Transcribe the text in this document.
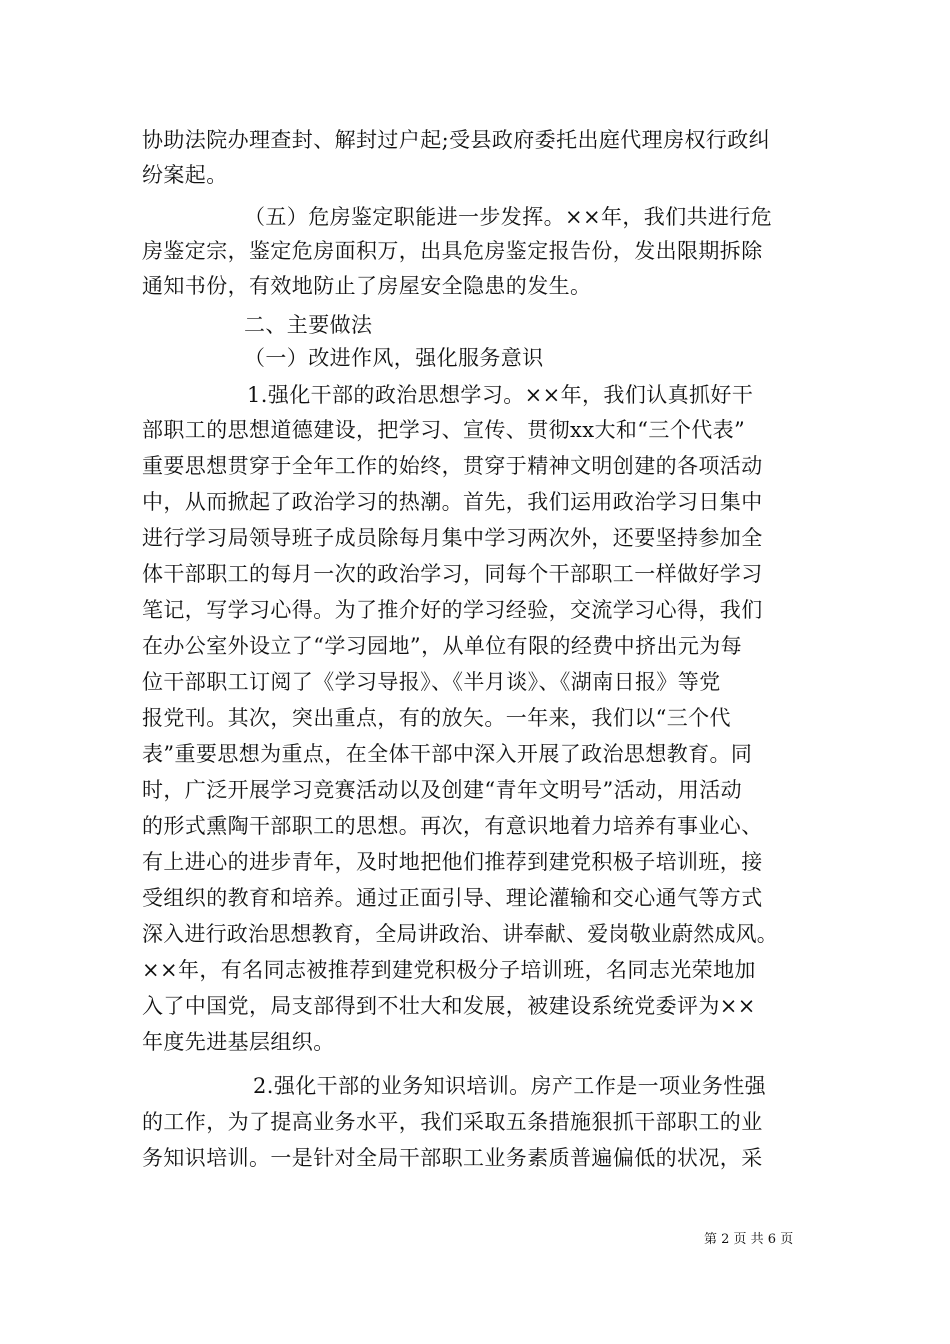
协助法院办理查封、解封过户起;受县政府委托出庭代理房权行政纠
纷案起。
（五）危房鉴定职能进一步发挥。××年，我们共进行危
房鉴定宗，鉴定危房面积万，出具危房鉴定报告份，发出限期拆除
通知书份，有效地防止了房屋安全隐患的发生。
二、主要做法
（一）改进作风，强化服务意识
1.强化干部的政治思想学习。××年，我们认真抓好干
部职工的思想道德建设，把学习、宣传、贯彻xx大和“三个代表”
重要思想贯穿于全年工作的始终，贯穿于精神文明创建的各项活动
中，从而掀起了政治学习的热潮。首先，我们运用政治学习日集中
进行学习局领导班子成员除每月集中学习两次外，还要坚持参加全
体干部职工的每月一次的政治学习，同每个干部职工一样做好学习
笔记，写学习心得。为了推介好的学习经验，交流学习心得，我们
在办公室外设立了“学习园地”，从单位有限的经费中挤出元为每
位干部职工订阅了《学习导报》、《半月谈》、《湖南日报》等党
报党刊。其次，突出重点，有的放矢。一年来，我们以“三个代
表”重要思想为重点，在全体干部中深入开展了政治思想教育。同
时，广泛开展学习竞赛活动以及创建“青年文明号”活动，用活动
的形式熏陶干部职工的思想。再次，有意识地着力培养有事业心、
有上进心的进步青年，及时地把他们推荐到建党积极子培训班，接
受组织的教育和培养。通过正面引导、理论灌输和交心通气等方式
深入进行政治思想教育，全局讲政治、讲奉献、爱岗敬业蔚然成风。
××年，有名同志被推荐到建党积极分子培训班，名同志光荣地加
入了中国党，局支部得到不壮大和发展，被建设系统党委评为××
年度先进基层组织。
2.强化干部的业务知识培训。房产工作是一项业务性强
的工作，为了提高业务水平，我们采取五条措施狠抓干部职工的业
务知识培训。一是针对全局干部职工业务素质普遍偏低的状况，采
第 2 页 共 6 页
